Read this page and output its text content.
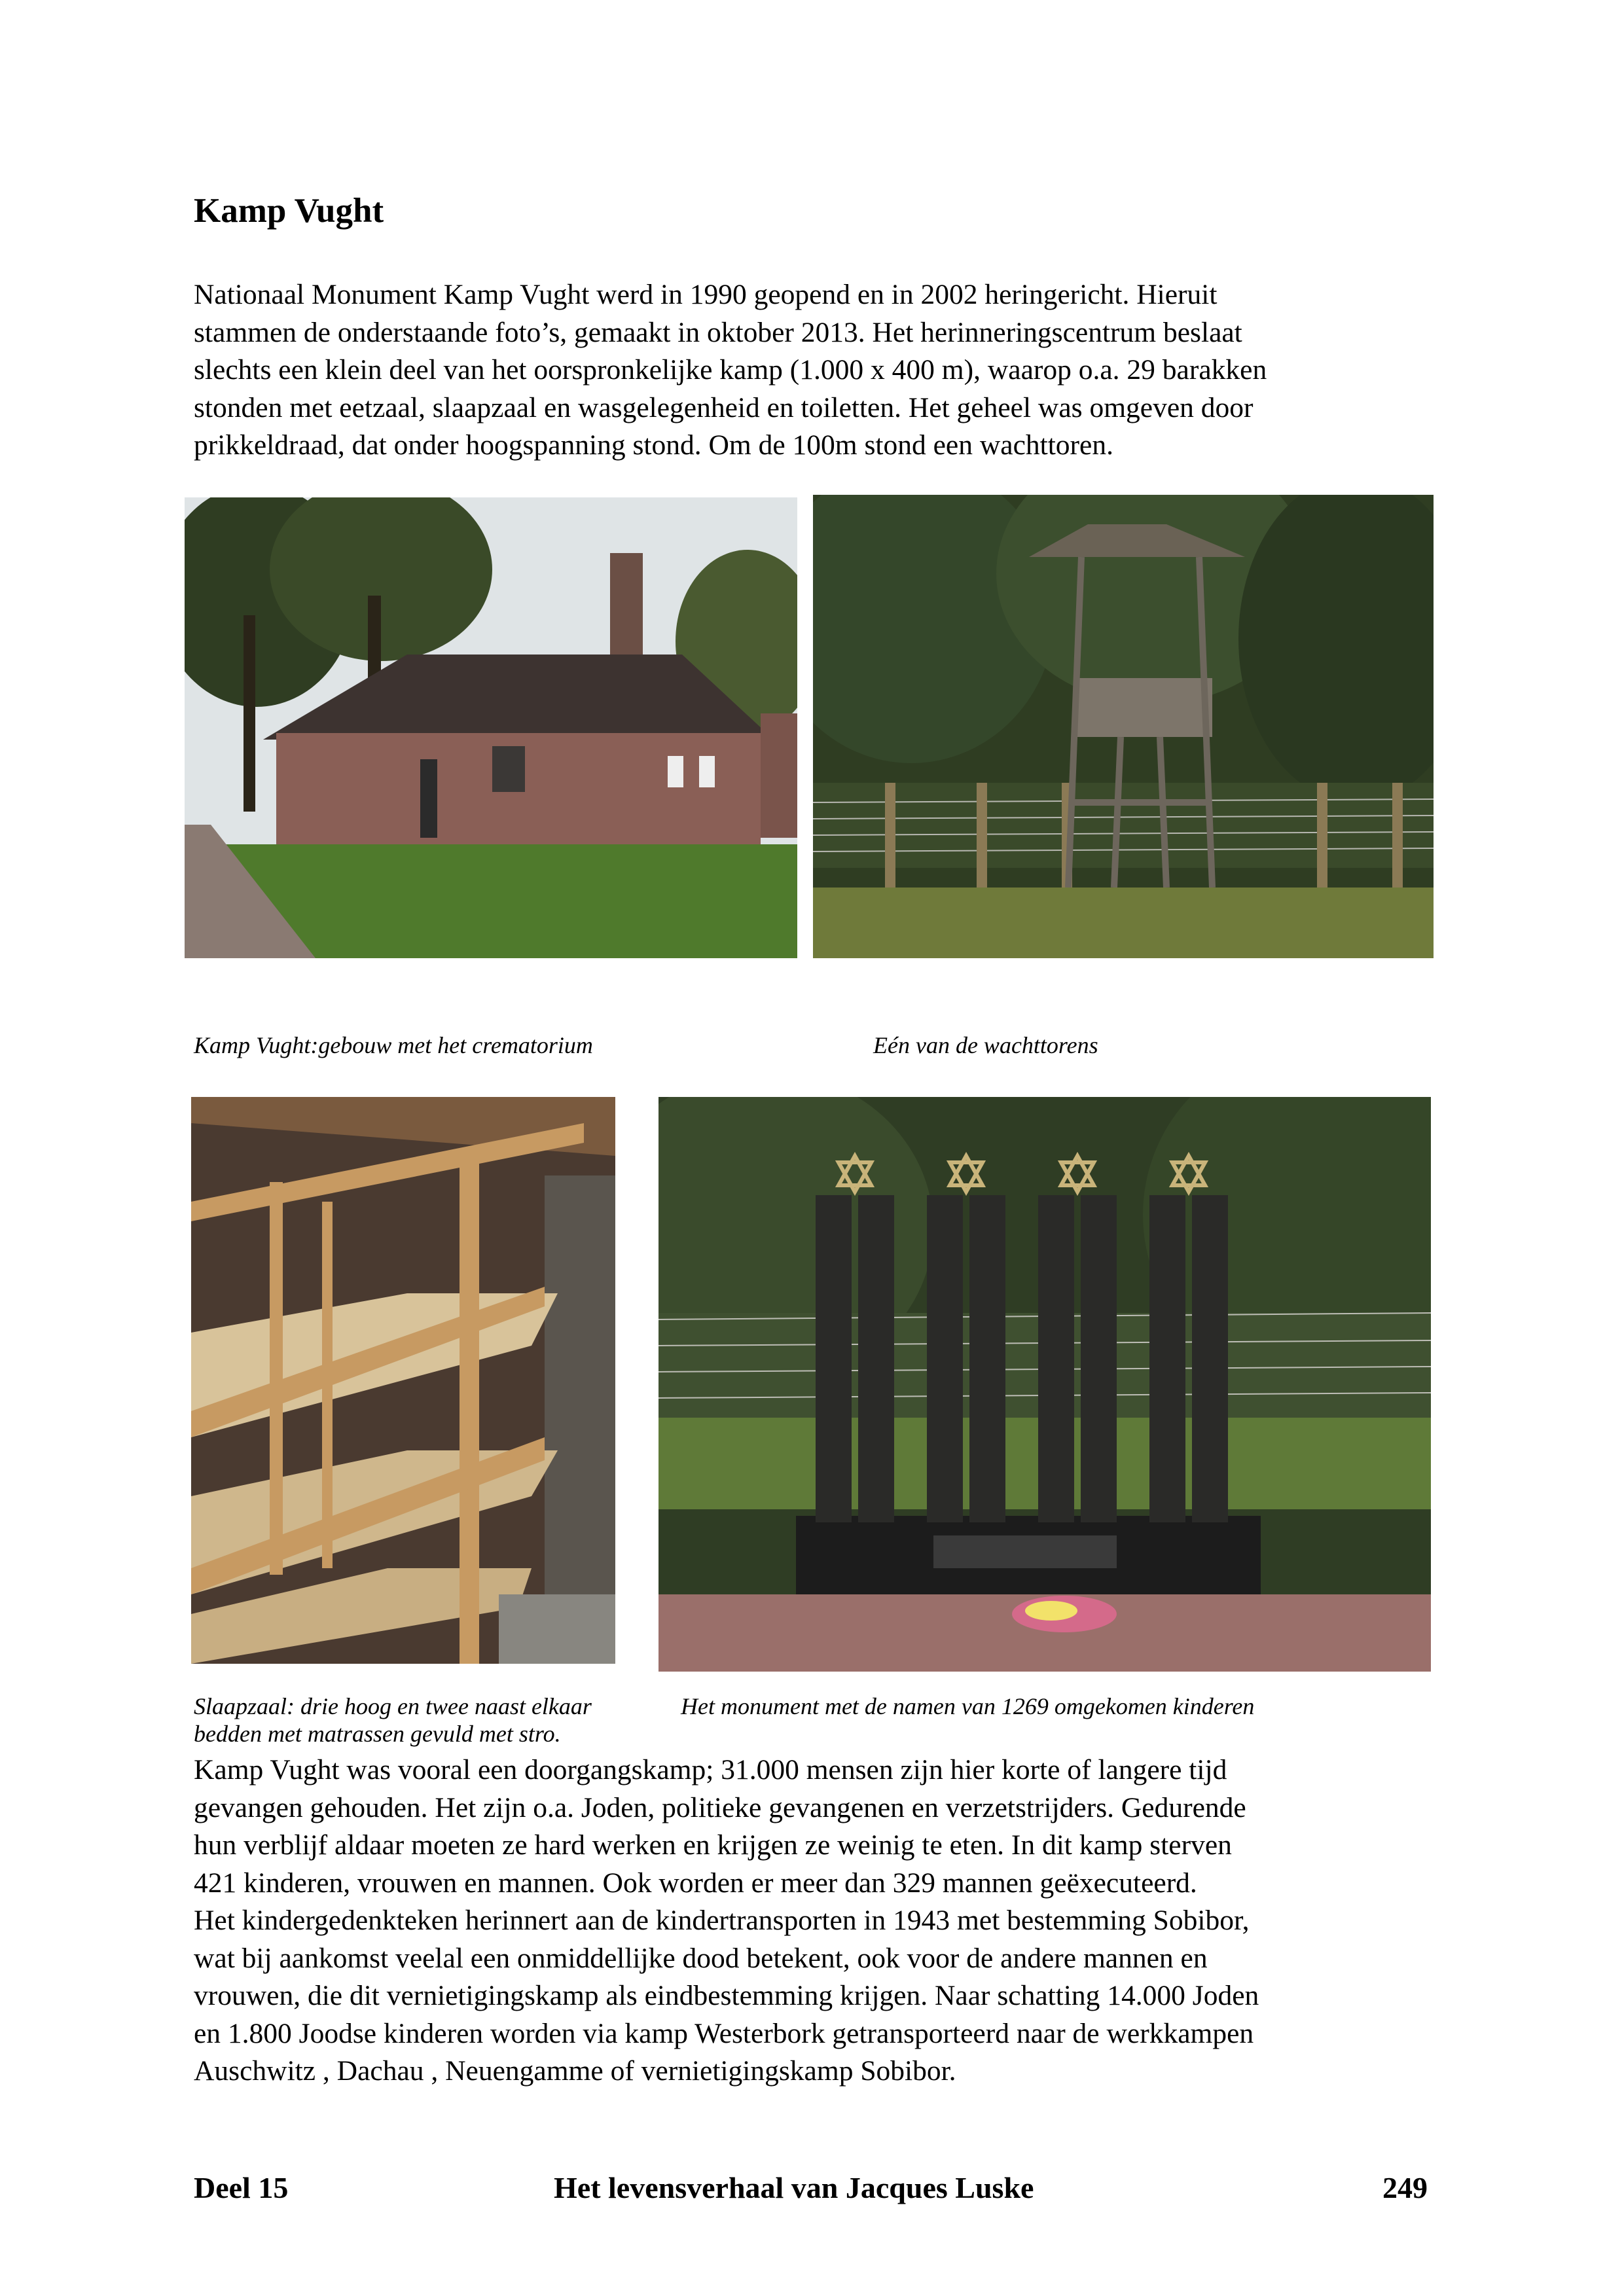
Kamp Vught

Nationaal Monument Kamp Vught werd in 1990 geopend en in 2002 heringericht. Hieruit

stammen de onderstaande foto’s, gemaakt in oktober 2013. Het herinneringscentrum beslaat

slechts een klein deel van het oorspronkelijke kamp (1.000 x 400 m), waarop o.a. 29 barakken

stonden met eetzaal, slaapzaal en wasgelegenheid en toiletten. Het geheel was omgeven door

prikkeldraad, dat onder hoogspanning stond. Om de 100m stond een wachttoren.

Kamp Vught:gebouw met het crematorium	Eén van de wachttorens
Slaapzaal: drie hoog en twee naast elkaar	Het monument met de namen van 1269 omgekomen kinderen
bedden met matrassen gevuld met stro.

Kamp Vught was vooral een doorgangskamp; 31.000 mensen zijn hier korte of langere tijd

gevangen gehouden. Het zijn o.a. Joden, politieke gevangenen en verzetstrijders. Gedurende

hun verblijf aldaar moeten ze hard werken en krijgen ze weinig te eten. In dit kamp sterven

421 kinderen, vrouwen en mannen. Ook worden er meer dan 329 mannen geëxecuteerd.

Het kindergedenkteken herinnert aan de kindertransporten in 1943 met bestemming Sobibor,

wat bij aankomst veelal een onmiddellijke dood betekent, ook voor de andere mannen en

vrouwen, die dit vernietigingskamp als eindbestemming krijgen. Naar schatting 14.000 Joden

en 1.800 Joodse kinderen worden via kamp Westerbork getransporteerd naar de werkkampen

Auschwitz , Dachau , Neuengamme of vernietigingskamp Sobibor.

Deel 15	Het levensverhaal van Jacques Luske	249
